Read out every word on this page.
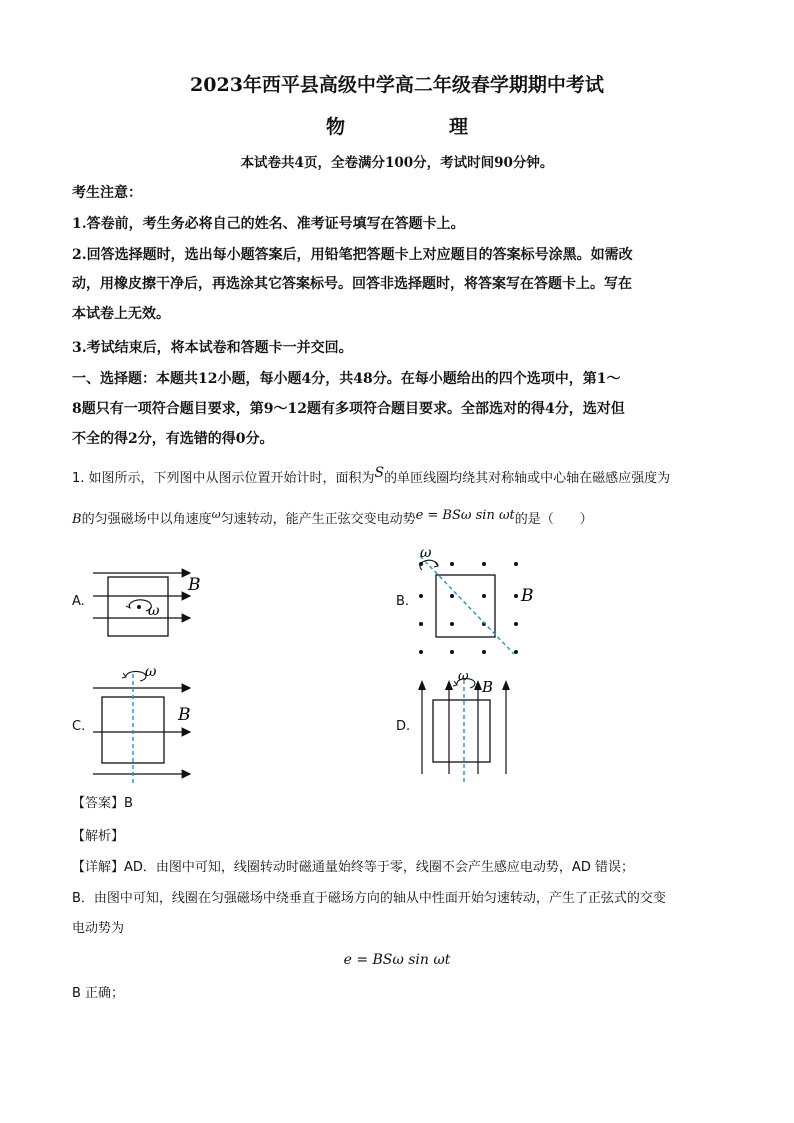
2023年西平县高级中学高二年级春学期期中考试
物	理
本试卷共4页，全卷满分100分，考试时间90分钟。
考生注意：
1.答卷前，考生务必将自己的姓名、准考证号填写在答题卡上。
2.回答选择题时，选出每小题答案后，用铅笔把答题卡上对应题目的答案标号涂黑。如需改
动，用橡皮擦干净后，再选涂其它答案标号。回答非选择题时，将答案写在答题卡上。写在
本试卷上无效。
3.考试结束后，将本试卷和答题卡一并交回。
一、选择题：本题共12小题，每小题4分，共48分。在每小题给出的四个选项中，第1～
8题只有一项符合题目要求，第9～12题有多项符合题目要求。全部选对的得4分，选对但
不全的得2分，有选错的得0分。
1. 如图所示，下列图中从图示位置开始计时，面积为S的单匝线圈均绕其对称轴或中心轴在磁感应强度为
B的匀强磁场中以角速度$^\omega$匀速转动，能产生正弦交变电动势e = BSω sin ωt的是（　　）
A.
ω
B
B.
ω
B
C.
ω
B
D.
ω
B
【答案】B
【解析】
【详解】AD．由图中可知，线圈转动时磁通量始终等于零，线圈不会产生感应电动势，AD 错误；
B．由图中可知，线圈在匀强磁场中绕垂直于磁场方向的轴从中性面开始匀速转动，产生了正弦式的交变
电动势为
e = BSω sin ωt
B 正确；
